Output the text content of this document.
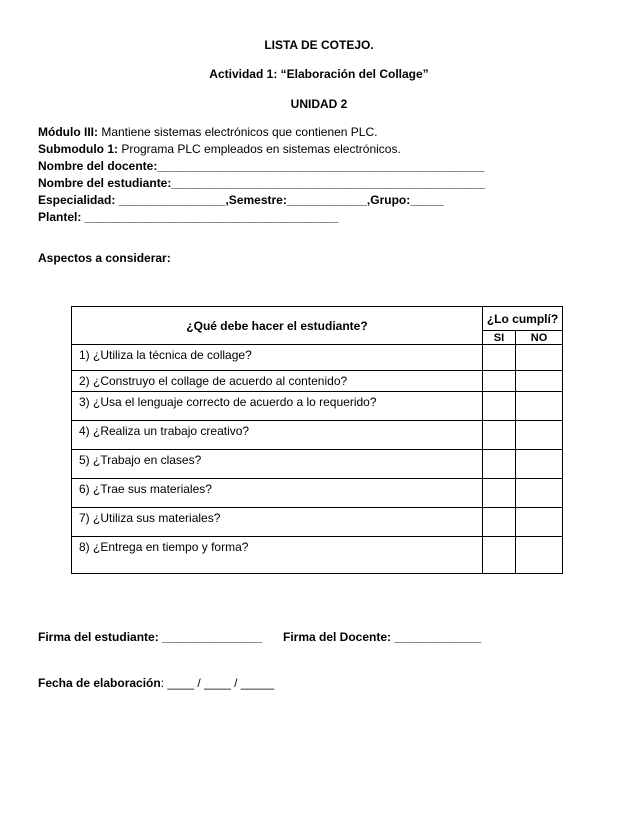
LISTA DE COTEJO.
Actividad 1: “Elaboración del Collage”
UNIDAD 2
Módulo III: Mantiene sistemas electrónicos que contienen PLC.
Submodulo 1: Programa PLC empleados en sistemas electrónicos.
Nombre del docente:_________________________________________________
Nombre del estudiante:_______________________________________________
Especialidad: ________________,Semestre:____________,Grupo:_____
Plantel: ______________________________________
Aspectos a considerar:
¿Qué debe hacer el estudiante?	¿Lo cumplí?	
	SI	NO
1) ¿Utiliza la técnica de collage?		
2) ¿Construyo el collage de acuerdo al contenido?		
3) ¿Usa el lenguaje correcto de acuerdo a lo requerido?		
4) ¿Realiza un trabajo creativo?		
5) ¿Trabajo en clases?		
6) ¿Trae sus materiales?		
7) ¿Utiliza sus materiales?		
8) ¿Entrega en tiempo y forma?		
Firma del estudiante: _______________ Firma del Docente: _____________
Fecha de elaboración: ____ / ____ / _____
